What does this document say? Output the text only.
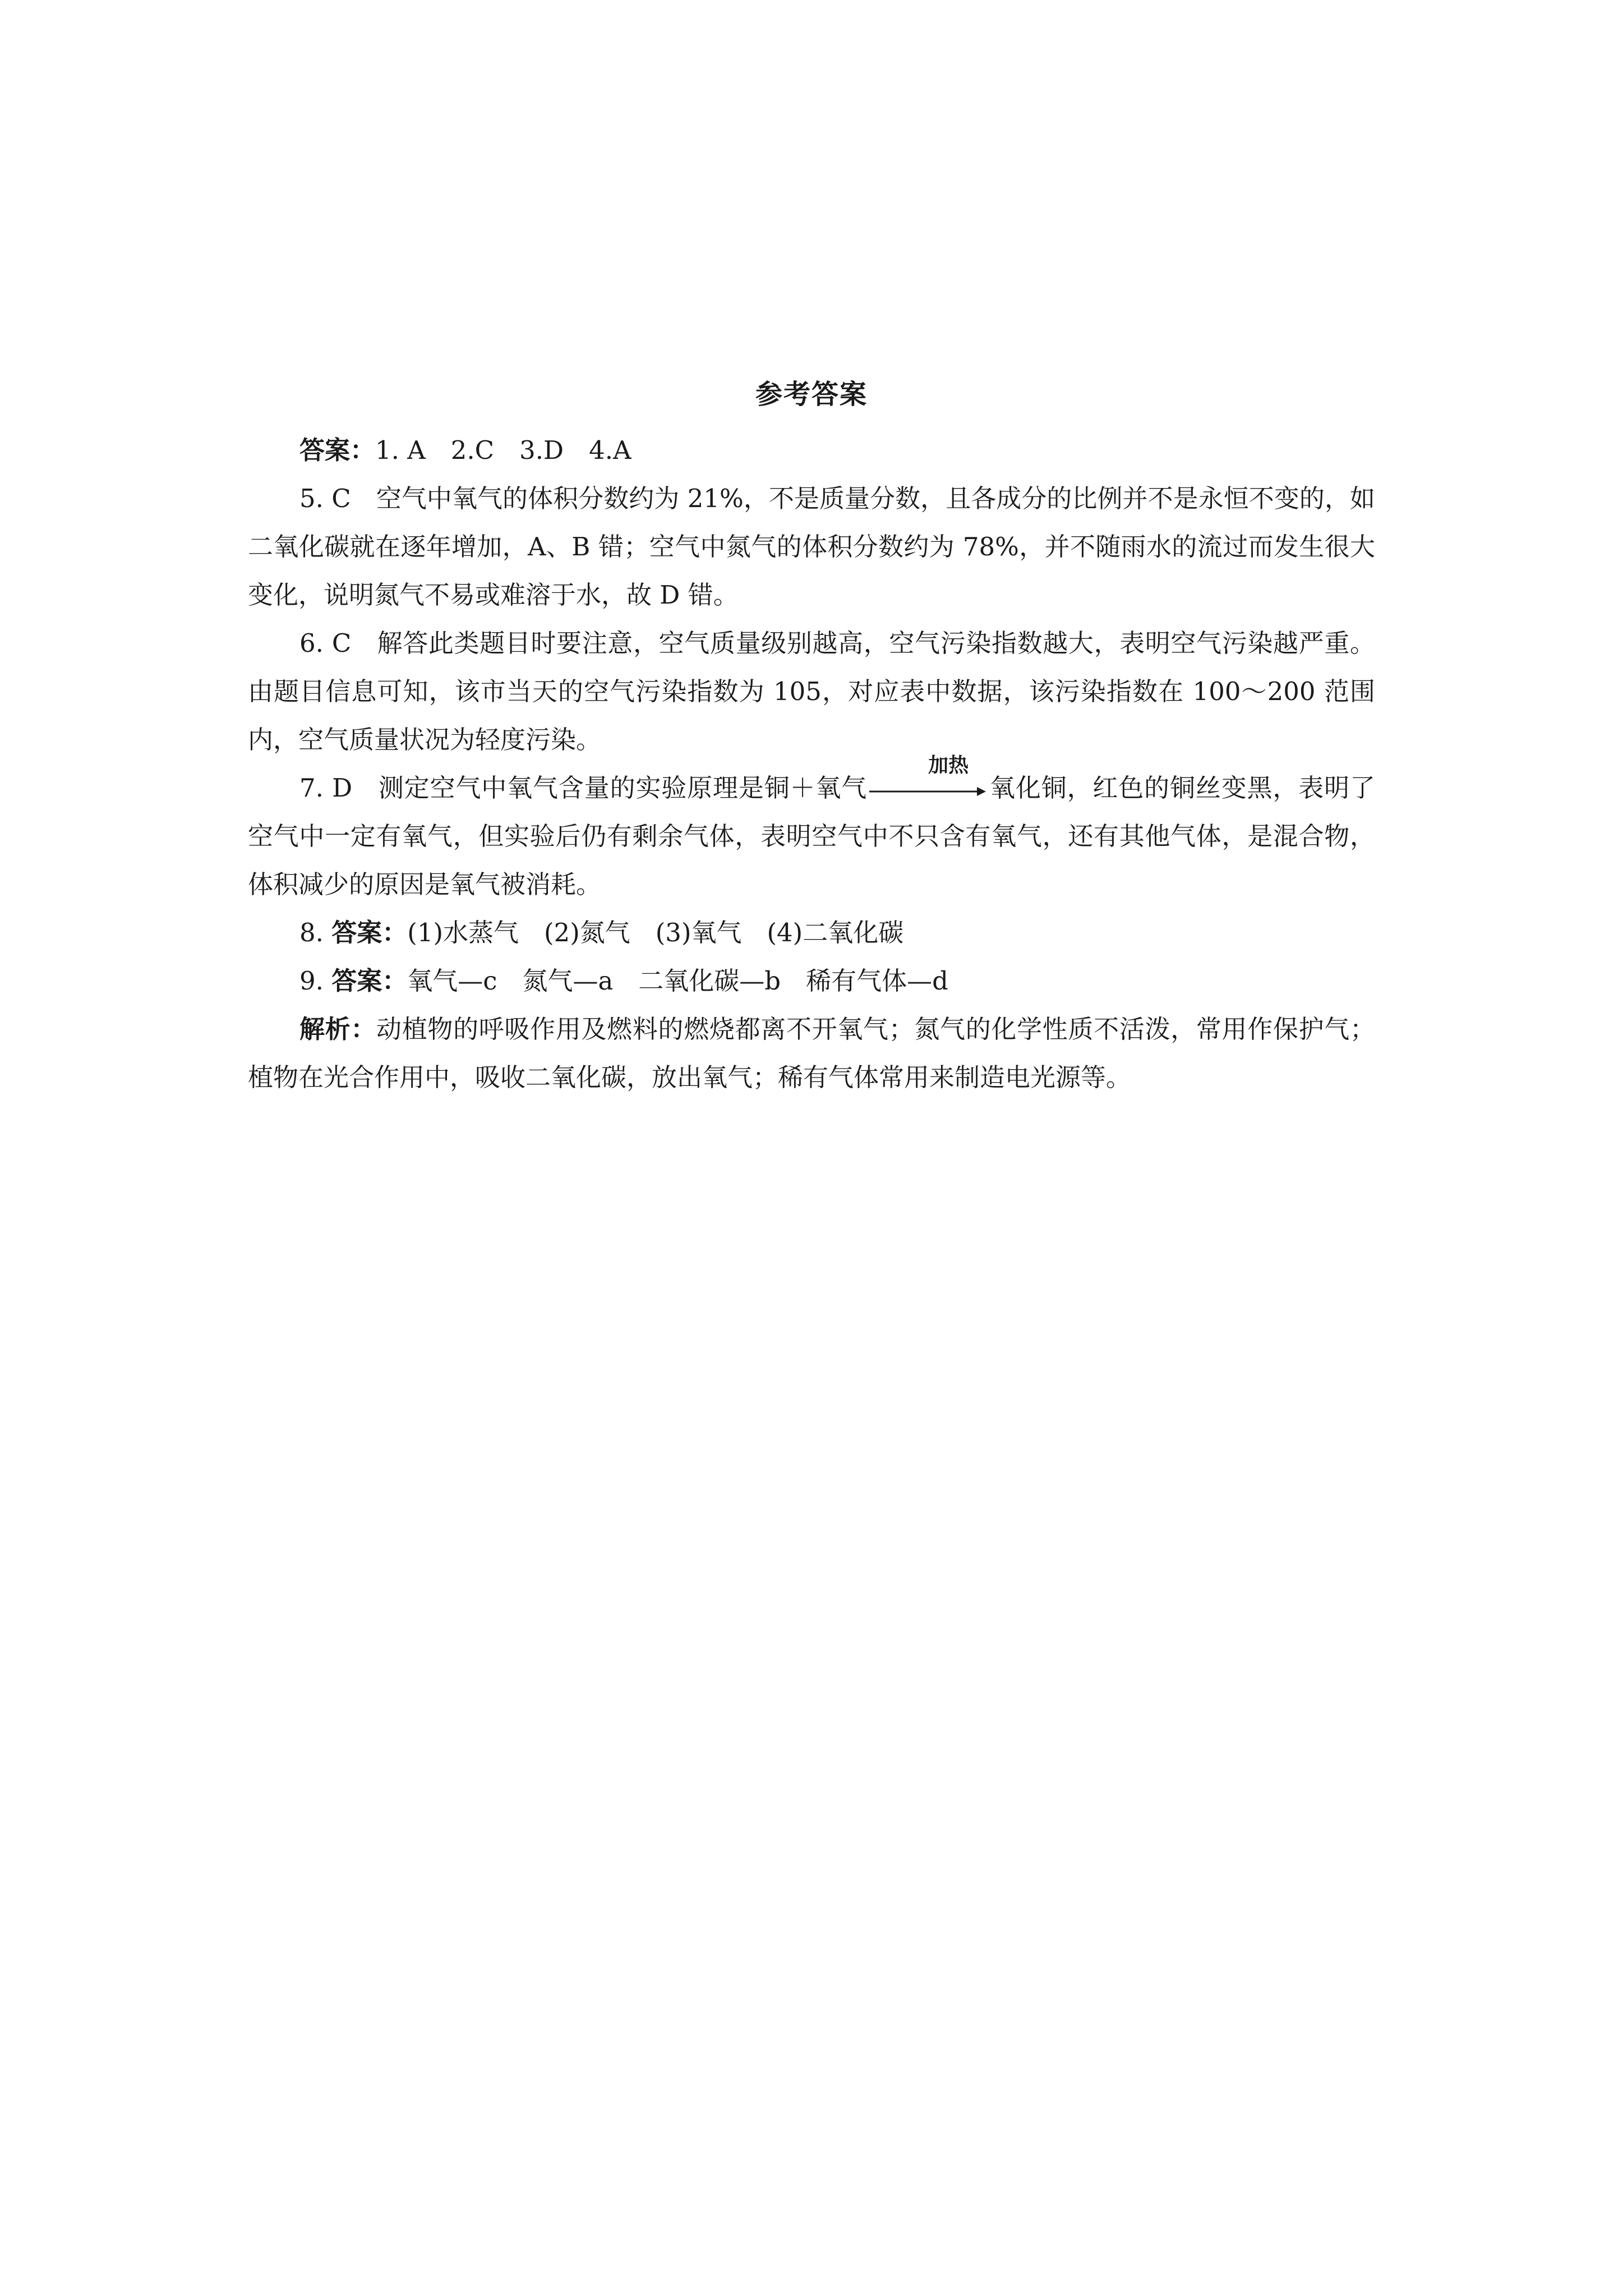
参考答案

答案：1. A　2.C　3.D　4.A

5. C　空气中氧气的体积分数约为 21%，不是质量分数，且各成分的比例并不是永恒不变的，如二氧化碳就在逐年增加，A、B 错；空气中氮气的体积分数约为 78%，并不随雨水的流过而发生很大变化，说明氮气不易或难溶于水，故 D 错。

6. C　解答此类题目时要注意，空气质量级别越高，空气污染指数越大，表明空气污染越严重。由题目信息可知，该市当天的空气污染指数为 105，对应表中数据，该污染指数在 100～200 范围内，空气质量状况为轻度污染。

7. D　测定空气中氧气含量的实验原理是铜＋氧气
加热
氧化铜，红色的铜丝变黑，表明了空气中一定有氧气，但实验后仍有剩余气体，表明空气中不只含有氧气，还有其他气体，是混合物，体积减少的原因是氧气被消耗。

8. 答案：(1)水蒸气　(2)氮气　(3)氧气　(4)二氧化碳

9. 答案：氧气—c　氮气—a　二氧化碳—b　稀有气体—d

解析：动植物的呼吸作用及燃料的燃烧都离不开氧气；氮气的化学性质不活泼，常用作保护气；植物在光合作用中，吸收二氧化碳，放出氧气；稀有气体常用来制造电光源等。
